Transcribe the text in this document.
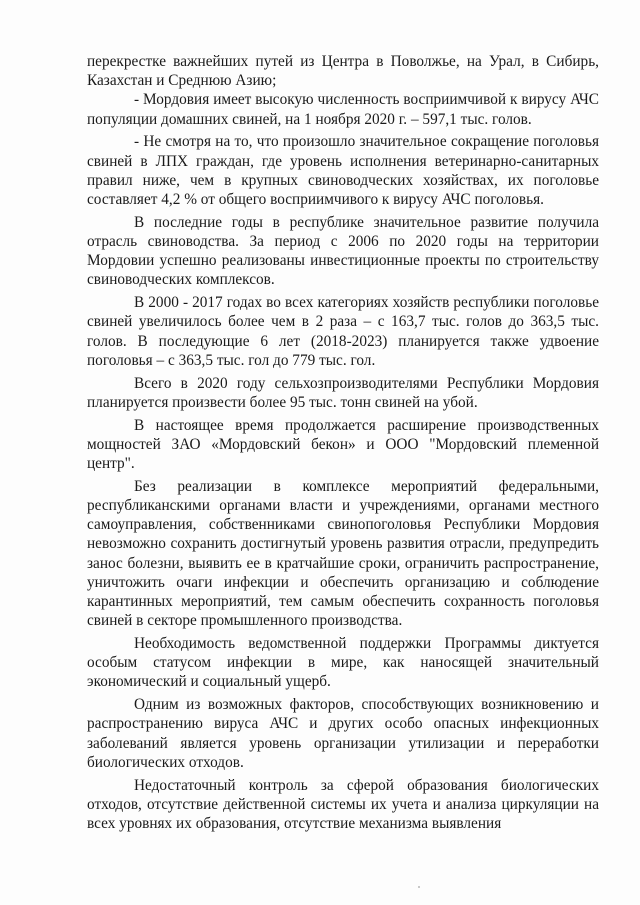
перекрестке важнейших путей из Центра в Поволжье, на Урал, в Сибирь, Казахстан и Среднюю Азию;

- Мордовия имеет высокую численность восприимчивой к вирусу АЧС популяции домашних свиней, на 1 ноября 2020 г. – 597,1 тыс. голов.

- Не смотря на то, что произошло значительное сокращение поголовья свиней в ЛПХ граждан, где уровень исполнения ветеринарно-санитарных правил ниже, чем в крупных свиноводческих хозяйствах, их поголовье составляет 4,2 % от общего восприимчивого к вирусу АЧС поголовья.

В последние годы в республике значительное развитие получила отрасль свиноводства. За период с 2006 по 2020 годы на территории Мордовии успешно реализованы инвестиционные проекты по строительству свиноводческих комплексов.

В 2000 - 2017 годах во всех категориях хозяйств республики поголовье свиней увеличилось более чем в 2 раза – с 163,7 тыс. голов до 363,5 тыс. голов. В последующие 6 лет (2018-2023) планируется также удвоение поголовья – с 363,5 тыс. гол до 779 тыс. гол.

Всего в 2020 году сельхозпроизводителями Республики Мордовия планируется произвести более 95 тыс. тонн свиней на убой.

В настоящее время продолжается расширение производственных мощностей ЗАО «Мордовский бекон» и ООО "Мордовский племенной центр".

Без реализации в комплексе мероприятий федеральными, республиканскими органами власти и учреждениями, органами местного самоуправления, собственниками свинопоголовья Республики Мордовия невозможно сохранить достигнутый уровень развития отрасли, предупредить занос болезни, выявить ее в кратчайшие сроки, ограничить распространение, уничтожить очаги инфекции и обеспечить организацию и соблюдение карантинных мероприятий, тем самым обеспечить сохранность поголовья свиней в секторе промышленного производства.

Необходимость ведомственной поддержки Программы диктуется особым статусом инфекции в мире, как наносящей значительный экономический и социальный ущерб.

Одним из возможных факторов, способствующих возникновению и распространению вируса АЧС и других особо опасных инфекционных заболеваний является уровень организации утилизации и переработки биологических отходов.

Недостаточный контроль за сферой образования биологических отходов, отсутствие действенной системы их учета и анализа циркуляции на всех уровнях их образования, отсутствие механизма выявления
